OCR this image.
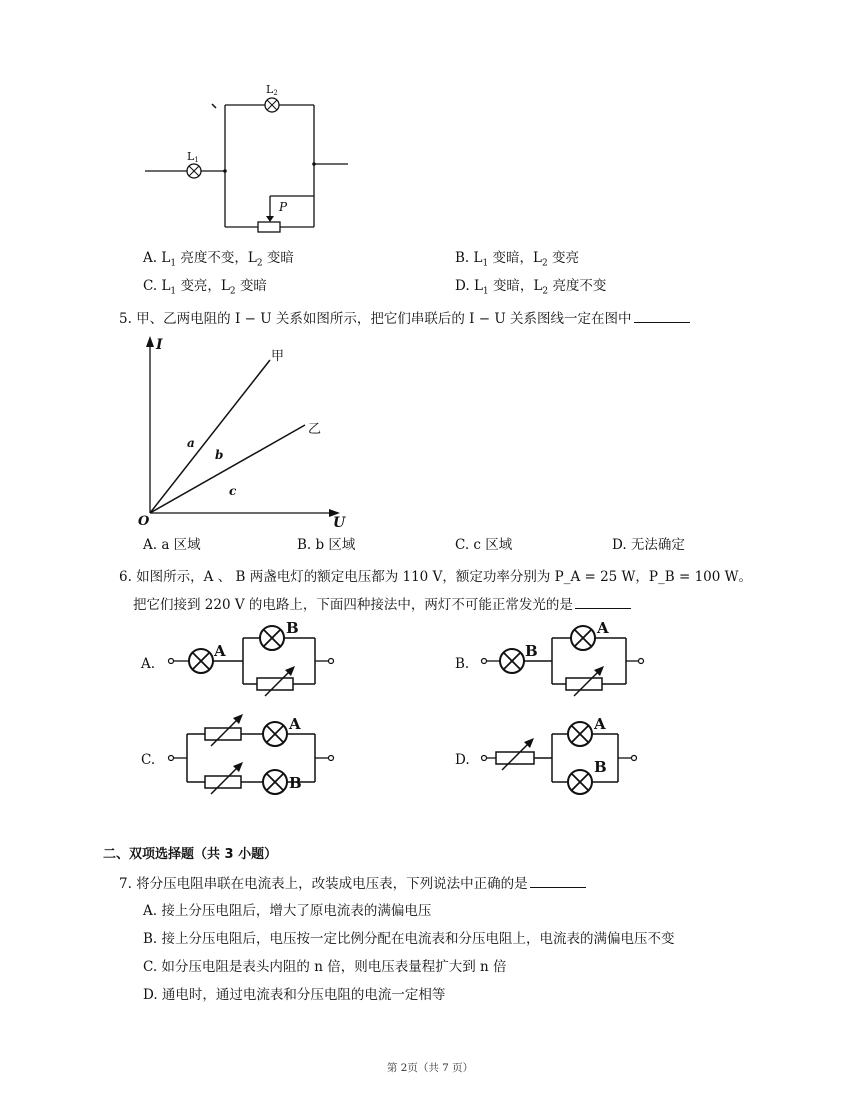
L1
L2
P
A. $L_1$ 亮度不变，$L_2$ 变暗	B. $L_1$ 变暗，$L_2$ 变亮
C. $L_1$ 变亮，$L_2$ 变暗	D. $L_1$ 变暗，$L_2$ 亮度不变
5. 甲、乙两电阻的 I − U 关系如图所示，把它们串联后的 I − U 关系图线一定在图中
I
U
O
甲
乙
a
b
c
A. a 区域	B. b 区域	C. c 区域	D. 无法确定
6. 如图所示，A 、 B 两盏电灯的额定电压都为 110 V，额定功率分别为 P_A = 25 W，P_B = 100 W。
把它们接到 220 V 的电路上，下面四种接法中，两灯不可能正常发光的是
A.	B.
C.	D.
A
B
B
A
A
B
A
B
二、双项选择题（共 3 小题）
7. 将分压电阻串联在电流表上，改装成电压表，下列说法中正确的是
A. 接上分压电阻后，增大了原电流表的满偏电压
B. 接上分压电阻后，电压按一定比例分配在电流表和分压电阻上，电流表的满偏电压不变
C. 如分压电阻是表头内阻的 n 倍，则电压表量程扩大到 n 倍
D. 通电时，通过电流表和分压电阻的电流一定相等
第 2页（共 7 页）
